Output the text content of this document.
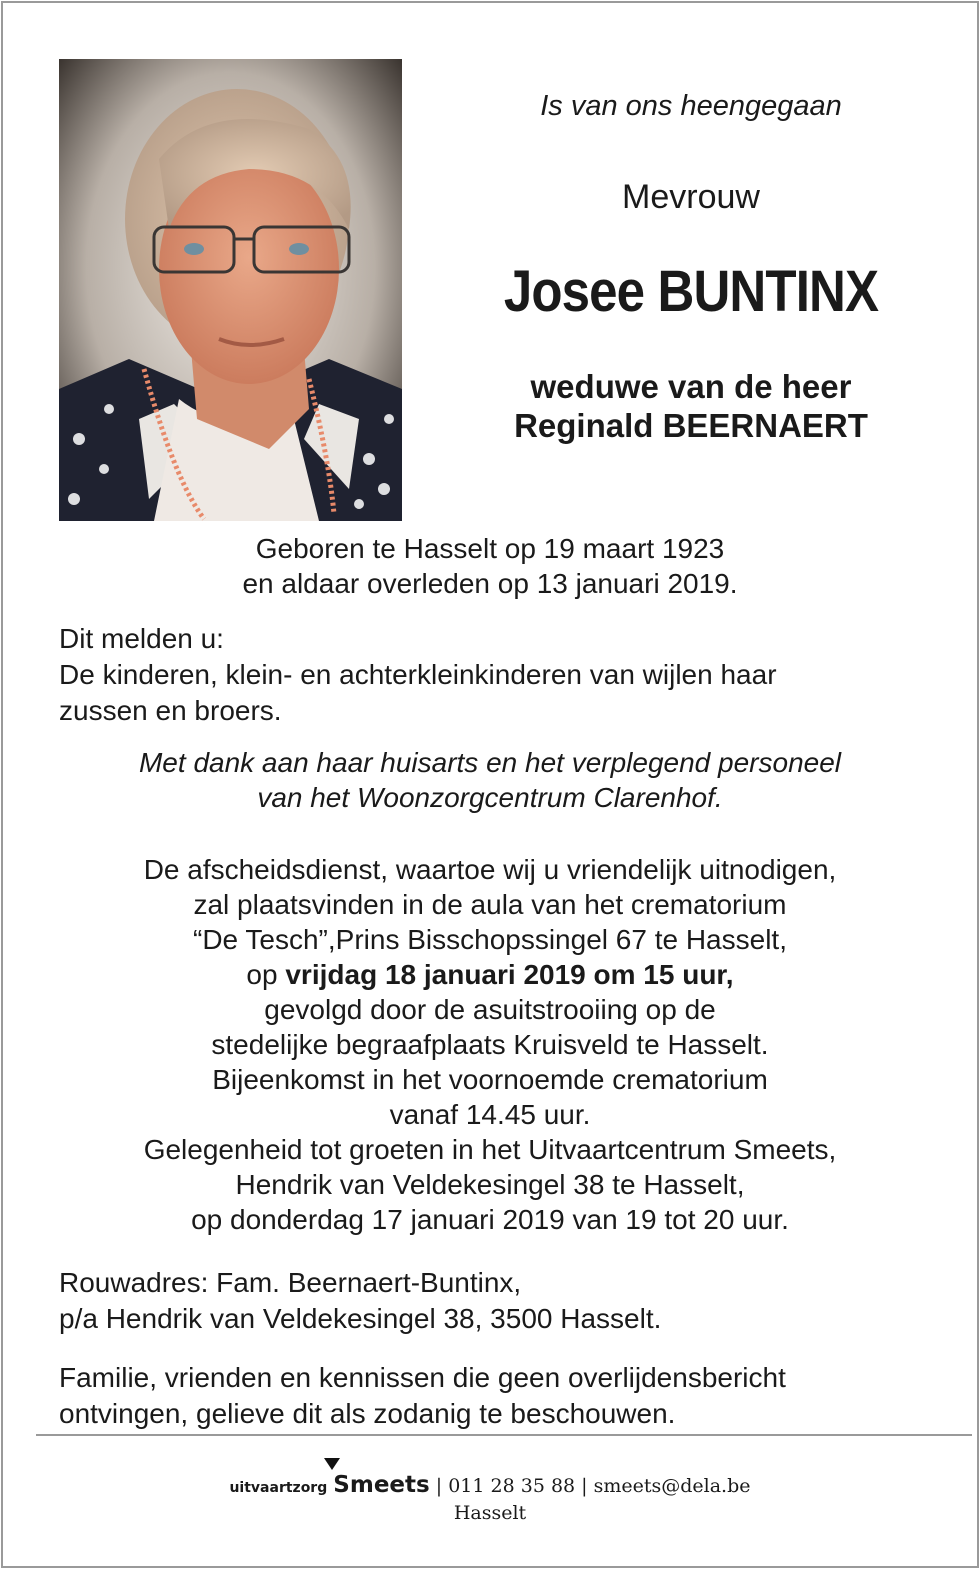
Is van ons heengegaan
Mevrouw
Josee BUNTINX
weduwe van de heer
Reginald BEERNAERT
Geboren te Hasselt op 19 maart 1923
en aldaar overleden op 13 januari 2019.
Dit melden u:
De kinderen, klein- en achterkleinkinderen van wijlen haar
zussen en broers.
Met dank aan haar huisarts en het verplegend personeel
van het Woonzorgcentrum Clarenhof.
De afscheidsdienst, waartoe wij u vriendelijk uitnodigen,
zal plaatsvinden in de aula van het crematorium
“De Tesch”,Prins Bisschopssingel 67 te Hasselt,
op vrijdag 18 januari 2019 om 15 uur,
gevolgd door de asuitstrooiing op de
stedelijke begraafplaats Kruisveld te Hasselt.
Bijeenkomst in het voornoemde crematorium
vanaf 14.45 uur.
Gelegenheid tot groeten in het Uitvaartcentrum Smeets,
Hendrik van Veldekesingel 38 te Hasselt,
op donderdag 17 januari 2019 van 19 tot 20 uur.
Rouwadres: Fam. Beernaert-Buntinx,
p/a Hendrik van Veldekesingel 38, 3500 Hasselt.
Familie, vrienden en kennissen die geen overlijdensbericht
ontvingen, gelieve dit als zodanig te beschouwen.
uitvaartzorg Smeets | 011 28 35 88 | smeets@dela.be
Hasselt
